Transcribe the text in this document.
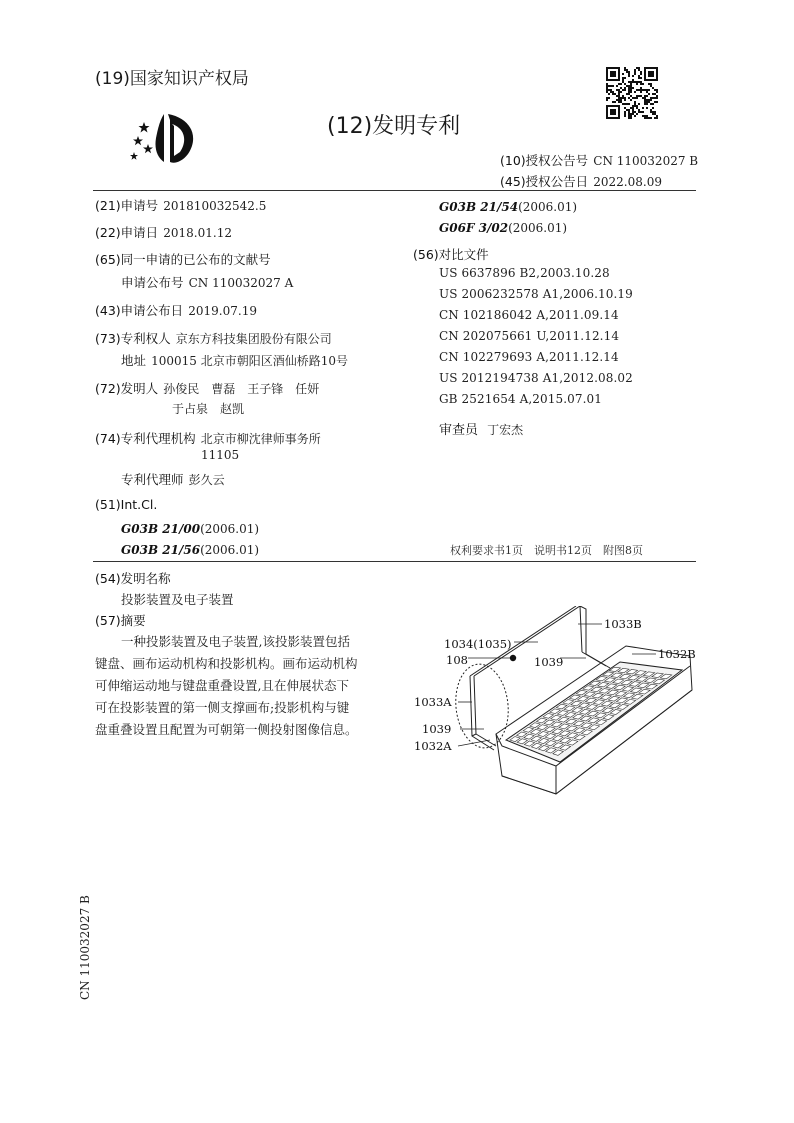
(19)国家知识产权局
(12)发明专利
(10)授权公告号 CN 110032027 B
(45)授权公告日 2022.08.09
(21)申请号 201810032542.5
(22)申请日 2018.01.12
(65)同一申请的已公布的文献号
申请公布号 CN 110032027 A
(43)申请公布日 2019.07.19
(73)专利权人 京东方科技集团股份有限公司
地址 100015 北京市朝阳区酒仙桥路10号
(72)发明人 孙俊民　曹磊　王子锋　任妍
于占泉　赵凯
(74)专利代理机构 北京市柳沈律师事务所
11105
专利代理师 彭久云
(51)Int.Cl.
G03B 21/00(2006.01)
G03B 21/56(2006.01)
G03B 21/54(2006.01)
G06F 3/02(2006.01)
(56)对比文件
US 6637896 B2,2003.10.28
US 2006232578 A1,2006.10.19
CN 102186042 A,2011.09.14
CN 202075661 U,2011.12.14
CN 102279693 A,2011.12.14
US 2012194738 A1,2012.08.02
GB 2521654 A,2015.07.01
审查员 丁宏杰
权利要求书1页　说明书12页　附图8页
(54)发明名称
投影装置及电子装置
(57)摘要
一种投影装置及电子装置,该投影装置包括
键盘、画布运动机构和投影机构。画布运动机构
可伸缩运动地与键盘重叠设置,且在伸展状态下
可在投影装置的第一侧支撑画布;投影机构与键
盘重叠设置且配置为可朝第一侧投射图像信息。
1033B
1034(1035)
1032B
108	1039
1033A
1039
1032A
CN 110032027 B
